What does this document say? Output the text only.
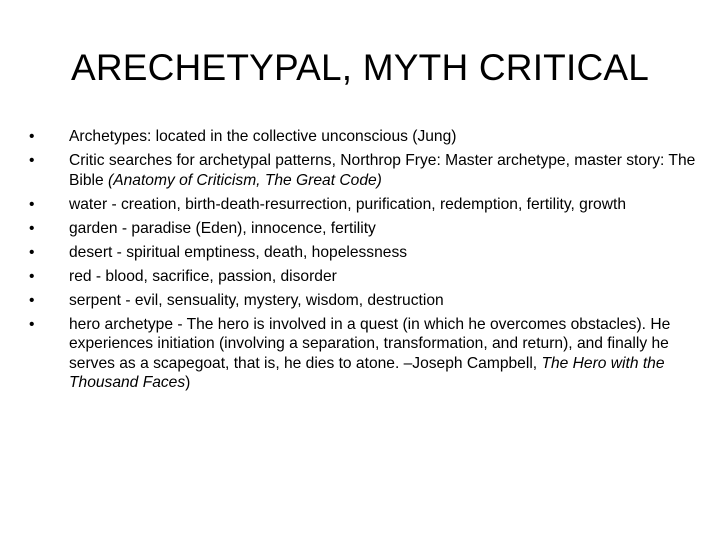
ARECHETYPAL, MYTH CRITICAL
• Archetypes: located in the collective unconscious (Jung)
• Critic searches for archetypal patterns, Northrop Frye: Master archetype, master story: The Bible (Anatomy of Criticism, The Great Code)
• water - creation, birth-death-resurrection, purification, redemption, fertility, growth
• garden - paradise (Eden), innocence, fertility
• desert - spiritual emptiness, death, hopelessness
• red - blood, sacrifice, passion, disorder
• serpent - evil, sensuality, mystery, wisdom, destruction
• hero archetype - The hero is involved in a quest (in which he overcomes obstacles). He experiences initiation (involving a separation, transformation, and return), and finally he serves as a scapegoat, that is, he dies to atone. –Joseph Campbell, The Hero with the Thousand Faces)
